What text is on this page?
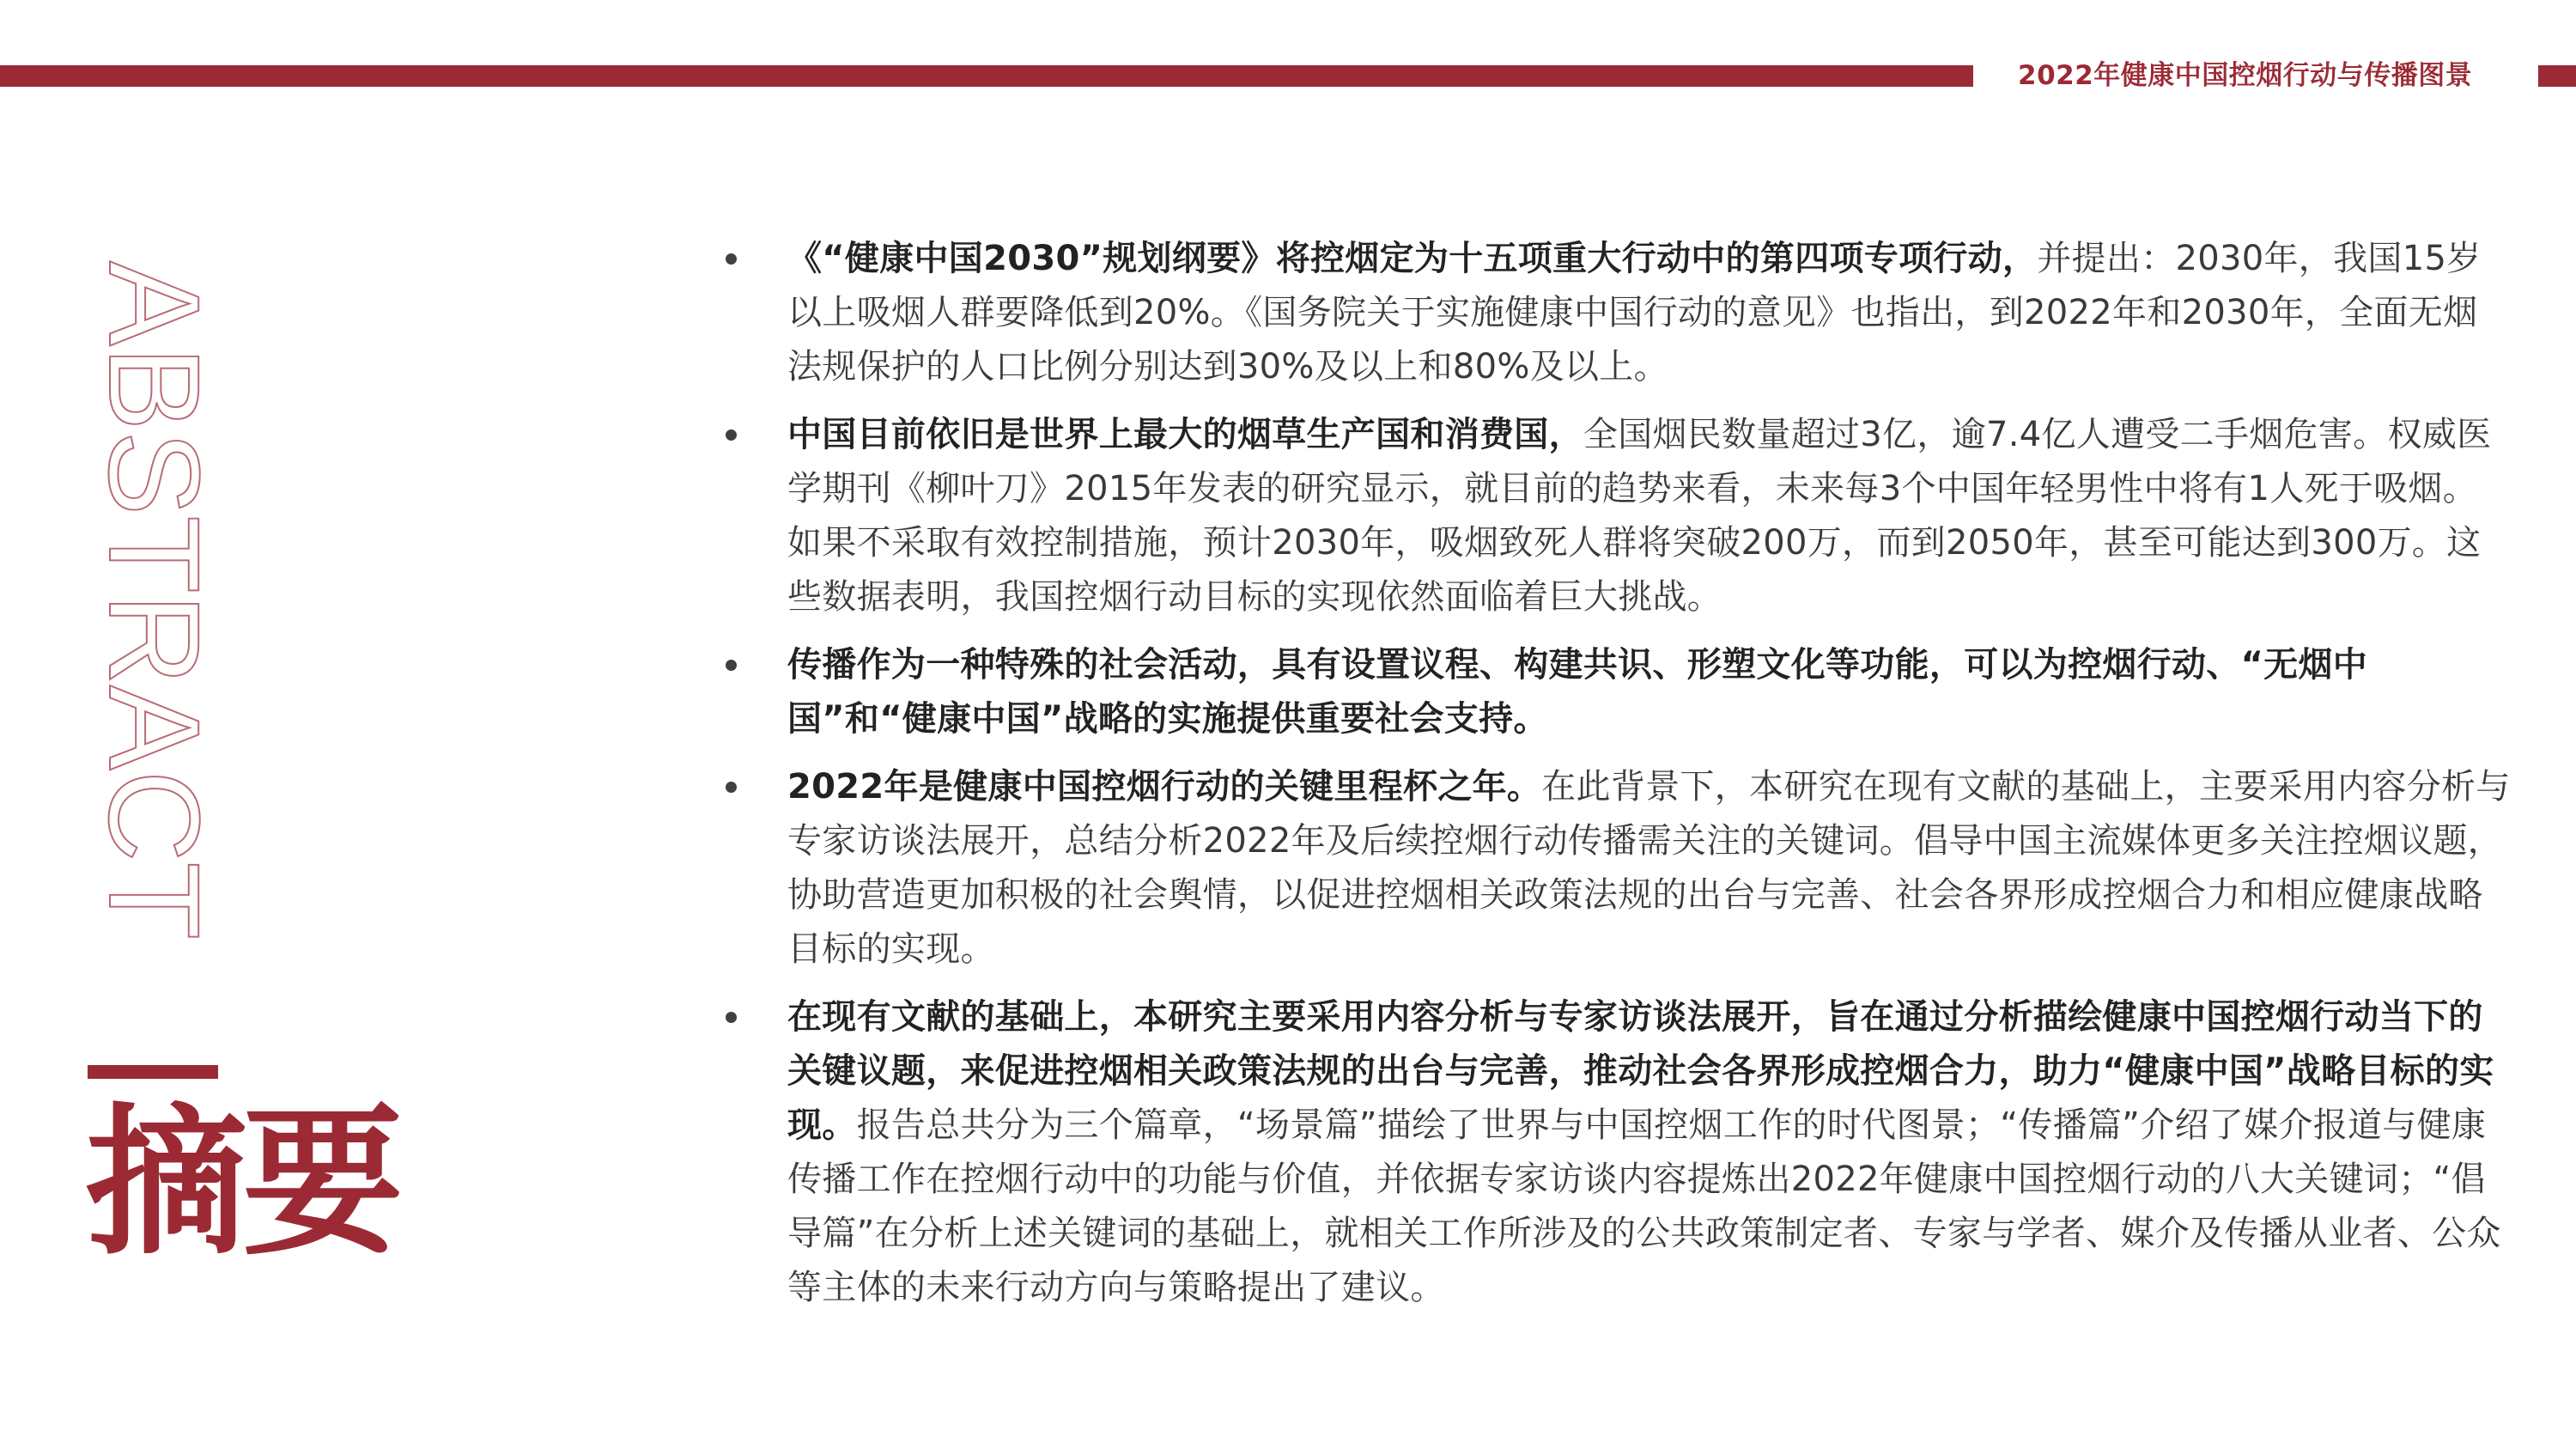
2022年健康中国控烟行动与传播图景
ABSTRACT
摘要
《“健康中国2030”规划纲要》将控烟定为十五项重大行动中的第四项专项行动，并提出：2030年，我国15岁以上吸烟人群要降低到20%。《国务院关于实施健康中国行动的意见》也指出，到2022年和2030年，全面无烟法规保护的人口比例分别达到30%及以上和80%及以上。
中国目前依旧是世界上最大的烟草生产国和消费国，全国烟民数量超过3亿，逾7.4亿人遭受二手烟危害。权威医学期刊《柳叶刀》2015年发表的研究显示，就目前的趋势来看，未来每3个中国年轻男性中将有1人死于吸烟。如果不采取有效控制措施，预计2030年，吸烟致死人群将突破200万，而到2050年，甚至可能达到300万。这些数据表明，我国控烟行动目标的实现依然面临着巨大挑战。
传播作为一种特殊的社会活动，具有设置议程、构建共识、形塑文化等功能，可以为控烟行动、“无烟中国”和“健康中国”战略的实施提供重要社会支持。
2022年是健康中国控烟行动的关键里程杯之年。在此背景下，本研究在现有文献的基础上，主要采用内容分析与专家访谈法展开，总结分析2022年及后续控烟行动传播需关注的关键词。倡导中国主流媒体更多关注控烟议题，协助营造更加积极的社会舆情，以促进控烟相关政策法规的出台与完善、社会各界形成控烟合力和相应健康战略目标的实现。
在现有文献的基础上，本研究主要采用内容分析与专家访谈法展开，旨在通过分析描绘健康中国控烟行动当下的关键议题，来促进控烟相关政策法规的出台与完善，推动社会各界形成控烟合力，助力“健康中国”战略目标的实现。报告总共分为三个篇章，“场景篇”描绘了世界与中国控烟工作的时代图景；“传播篇”介绍了媒介报道与健康传播工作在控烟行动中的功能与价值，并依据专家访谈内容提炼出2022年健康中国控烟行动的八大关键词；“倡导篇”在分析上述关键词的基础上，就相关工作所涉及的公共政策制定者、专家与学者、媒介及传播从业者、公众等主体的未来行动方向与策略提出了建议。
